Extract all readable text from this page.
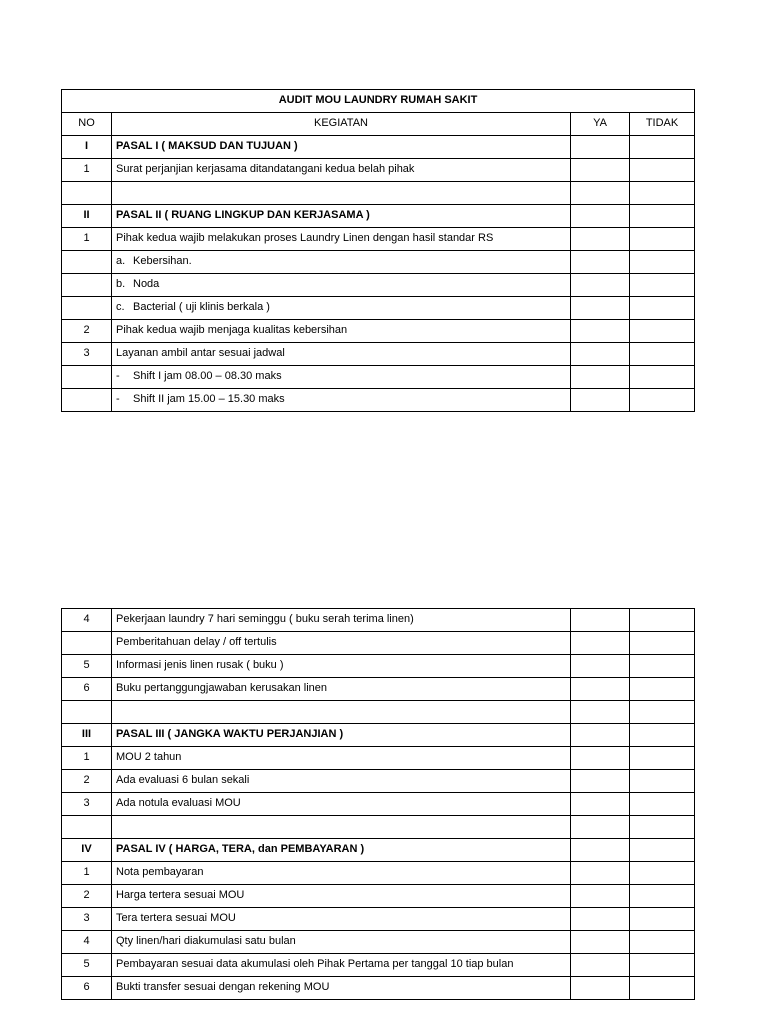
AUDIT MOU LAUNDRY RUMAH SAKIT			
NO	KEGIATAN	YA	TIDAK
I	PASAL I ( MAKSUD DAN TUJUAN )		
1	Surat perjanjian kerjasama ditandatangani kedua belah pihak		

II	PASAL II ( RUANG LINGKUP DAN KERJASAMA )		
1	Pihak kedua wajib melakukan proses Laundry Linen dengan hasil standar RS		
	a. Kebersihan.		
	b. Noda		
	c. Bacterial ( uji klinis berkala )		
2	Pihak kedua wajib menjaga kualitas kebersihan		
3	Layanan ambil antar sesuai jadwal		
	- Shift I jam 08.00 – 08.30 maks		
	- Shift II jam 15.00 – 15.30 maks		
4	Pekerjaan laundry 7 hari seminggu ( buku serah terima linen)		
	Pemberitahuan delay / off tertulis		
5	Informasi jenis linen rusak ( buku )		
6	Buku pertanggungjawaban kerusakan linen		

III	PASAL III ( JANGKA WAKTU PERJANJIAN )		
1	MOU 2 tahun		
2	Ada evaluasi 6 bulan sekali		
3	Ada notula evaluasi MOU		

IV	PASAL IV ( HARGA, TERA, dan PEMBAYARAN )		
1	Nota pembayaran		
2	Harga tertera sesuai MOU		
3	Tera tertera sesuai MOU		
4	Qty linen/hari diakumulasi satu bulan		
5	Pembayaran sesuai data akumulasi oleh Pihak Pertama per tanggal 10 tiap bulan		
6	Bukti transfer sesuai dengan rekening MOU		
